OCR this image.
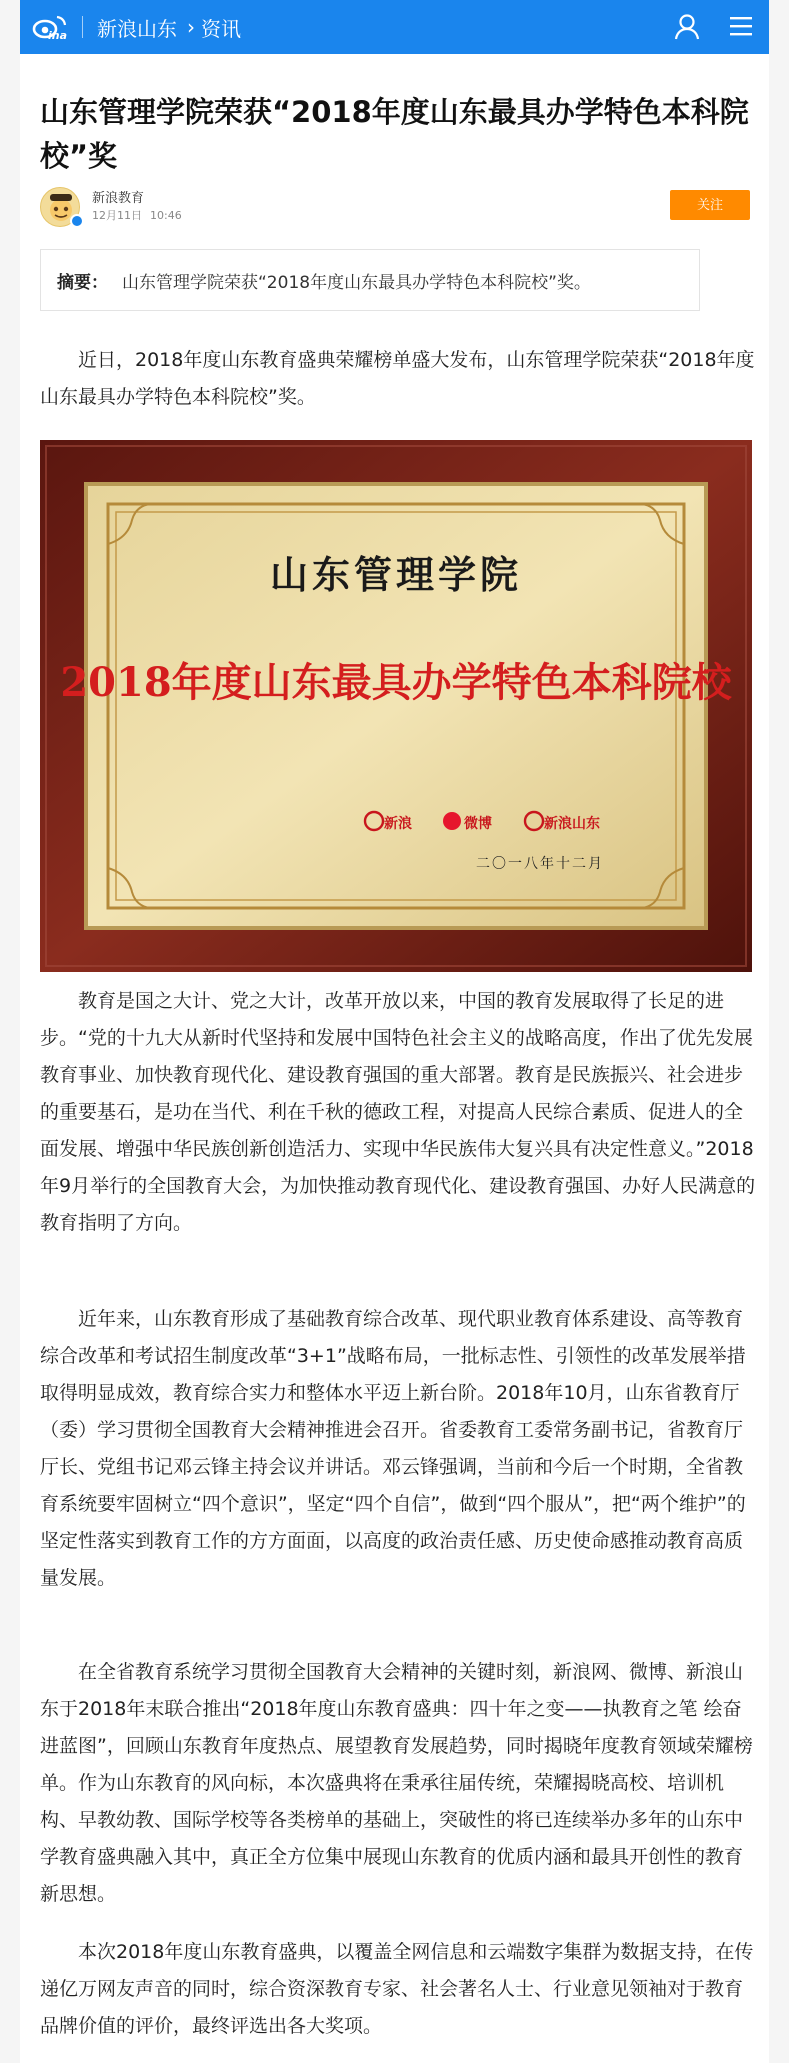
ina 新浪山东 › 资讯
山东管理学院荣获“2018年度山东最具办学特色本科院校”奖
新浪教育
12月11日 10:46
关注
摘要： 山东管理学院荣获“2018年度山东最具办学特色本科院校”奖。

近日，2018年度山东教育盛典荣耀榜单盛大发布，山东管理学院荣获“2018年度山东最具办学特色本科院校”奖。

山东管理学院
2018年度山东最具办学特色本科院校
新浪	微博	新浪山东
二〇一八年十二月

教育是国之大计、党之大计，改革开放以来，中国的教育发展取得了长足的进步。“党的十九大从新时代坚持和发展中国特色社会主义的战略高度，作出了优先发展教育事业、加快教育现代化、建设教育强国的重大部署。教育是民族振兴、社会进步的重要基石，是功在当代、利在千秋的德政工程，对提高人民综合素质、促进人的全面发展、增强中华民族创新创造活力、实现中华民族伟大复兴具有决定性意义。”2018年9月举行的全国教育大会，为加快推动教育现代化、建设教育强国、办好人民满意的教育指明了方向。

近年来，山东教育形成了基础教育综合改革、现代职业教育体系建设、高等教育综合改革和考试招生制度改革“3+1”战略布局，一批标志性、引领性的改革发展举措取得明显成效，教育综合实力和整体水平迈上新台阶。2018年10月，山东省教育厅（委）学习贯彻全国教育大会精神推进会召开。省委教育工委常务副书记，省教育厅厅长、党组书记邓云锋主持会议并讲话。邓云锋强调，当前和今后一个时期，全省教育系统要牢固树立“四个意识”，坚定“四个自信”，做到“四个服从”，把“两个维护”的坚定性落实到教育工作的方方面面，以高度的政治责任感、历史使命感推动教育高质量发展。

在全省教育系统学习贯彻全国教育大会精神的关键时刻，新浪网、微博、新浪山东于2018年末联合推出“2018年度山东教育盛典：四十年之变——执教育之笔 绘奋进蓝图”，回顾山东教育年度热点、展望教育发展趋势，同时揭晓年度教育领域荣耀榜单。作为山东教育的风向标，本次盛典将在秉承往届传统，荣耀揭晓高校、培训机构、早教幼教、国际学校等各类榜单的基础上，突破性的将已连续举办多年的山东中学教育盛典融入其中，真正全方位集中展现山东教育的优质内涵和最具开创性的教育新思想。

本次2018年度山东教育盛典，以覆盖全网信息和云端数字集群为数据支持，在传递亿万网友声音的同时，综合资深教育专家、社会著名人士、行业意见领袖对于教育品牌价值的评价，最终评选出各大奖项。
